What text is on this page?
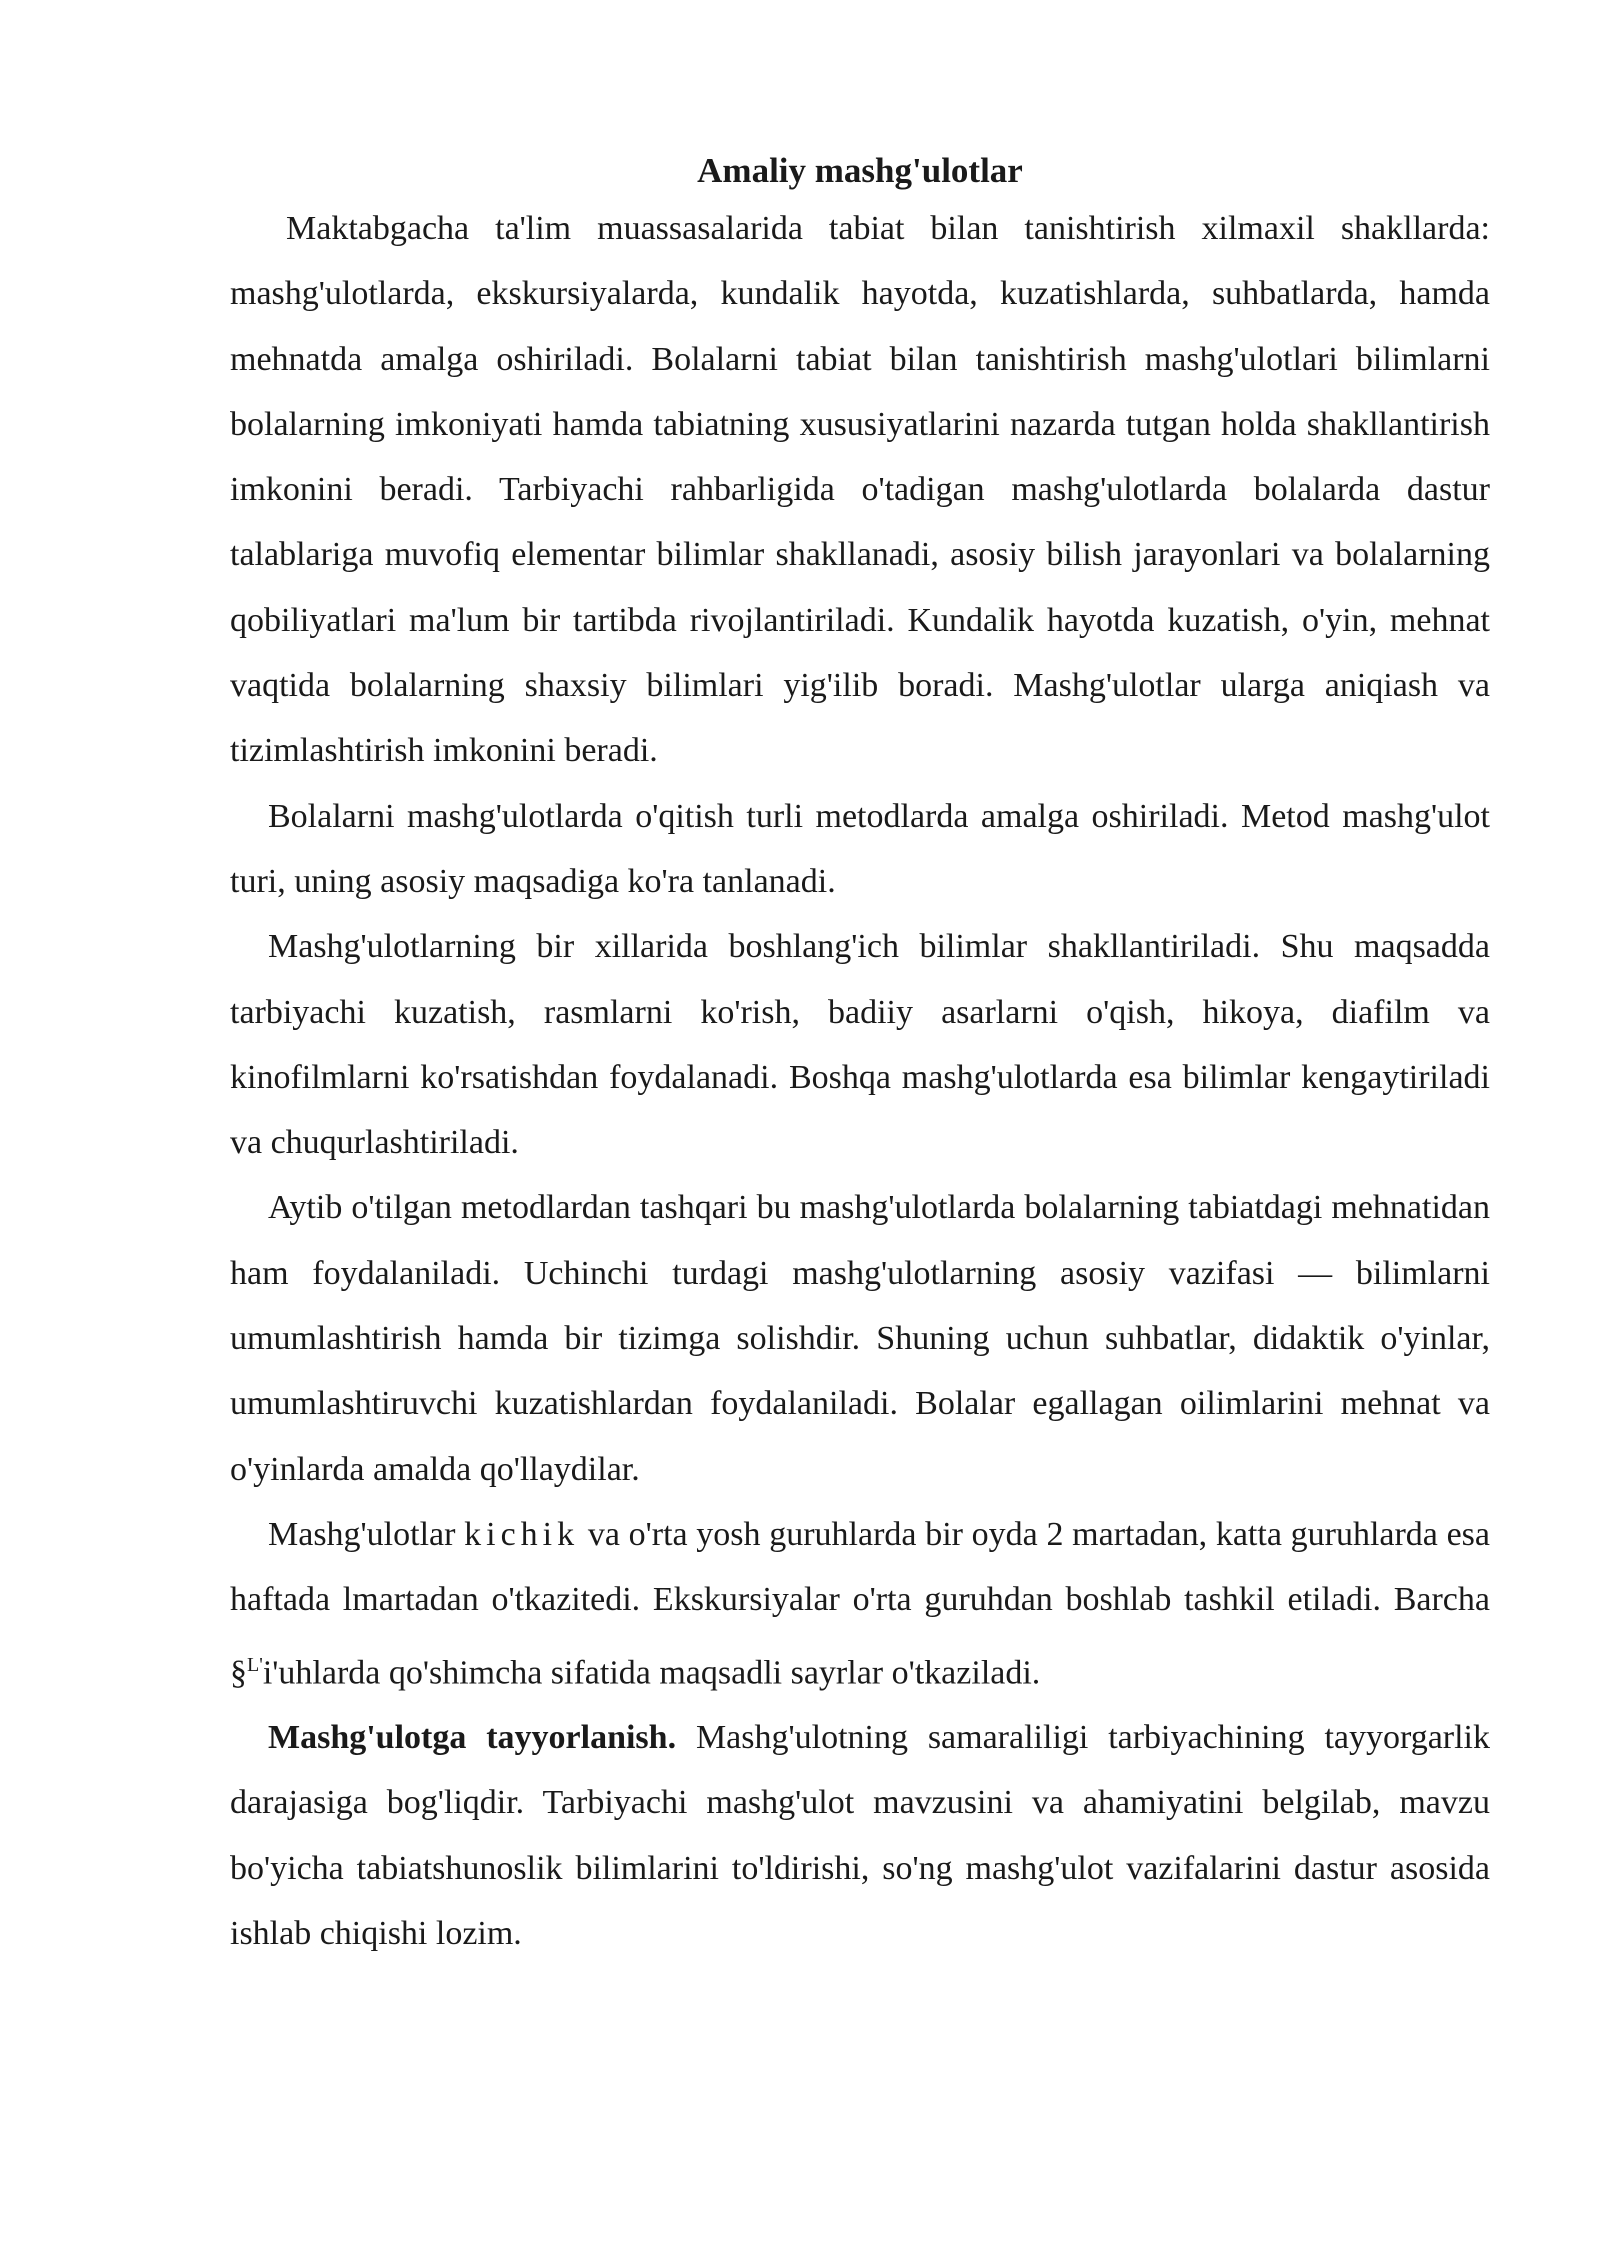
Amaliy mashg'ulotlar

Maktabgacha ta'lim muassasalarida tabiat bilan tanishtirish xilmaxil shakllarda: mashg'ulotlarda, ekskursiyalarda, kundalik hayotda, kuzatishlarda, suhbatlarda, hamda mehnatda amalga oshiriladi. Bolalarni tabiat bilan tanishtirish mashg'ulotlari bilimlarni bolalarning imkoniyati hamda tabiatning xususiyatlarini nazarda tutgan holda shakllantirish imkonini beradi. Tarbiyachi rahbarligida o'tadigan mashg'ulotlarda bolalarda dastur talablariga muvofiq elementar bilimlar shakllanadi, asosiy bilish jarayonlari va bolalarning qobiliyatlari ma'lum bir tartibda rivojlantiriladi. Kundalik hayotda kuzatish, o'yin, mehnat vaqtida bolalarning shaxsiy bilimlari yig'ilib boradi. Mashg'ulotlar ularga aniqiash va tizimlashtirish imkonini beradi.

Bolalarni mashg'ulotlarda o'qitish turli metodlarda amalga oshiriladi. Metod mashg'ulot turi, uning asosiy maqsadiga ko'ra tanlanadi.

Mashg'ulotlarning bir xillarida boshlang'ich bilimlar shakllantiriladi. Shu maqsadda tarbiyachi kuzatish, rasmlarni ko'rish, badiiy asarlarni o'qish, hikoya, diafilm va kinofilmlarni ko'rsatishdan foydalanadi. Boshqa mashg'ulotlarda esa bilimlar kengaytiriladi va chuqurlashtiriladi.

Aytib o'tilgan metodlardan tashqari bu mashg'ulotlarda bolalarning tabiatdagi mehnatidan ham foydalaniladi. Uchinchi turdagi mashg'ulotlarning asosiy vazifasi — bilimlarni umumlashtirish hamda bir tizimga solishdir. Shuning uchun suhbatlar, didaktik o'yinlar, umumlashtiruvchi kuzatishlardan foydalaniladi. Bolalar egallagan oilimlarini mehnat va o'yinlarda amalda qo'llaydilar.

Mashg'ulotlar kichik va o'rta yosh guruhlarda bir oyda 2 martadan, katta guruhlarda esa haftada lmartadan o'tkazitedi. Ekskursiyalar o'rta guruhdan boshlab tashkil etiladi. Barcha §$^{L'}$i'uhlarda qo'shimcha sifatida maqsadli sayrlar o'tkaziladi.

Mashg'ulotga tayyorlanish. Mashg'ulotning samaraliligi tarbiyachining tayyorgarlik darajasiga bog'liqdir. Tarbiyachi mashg'ulot mavzusini va ahamiyatini belgilab, mavzu bo'yicha tabiatshunoslik bilimlarini to'ldirishi, so'ng mashg'ulot vazifalarini dastur asosida ishlab chiqishi lozim.
